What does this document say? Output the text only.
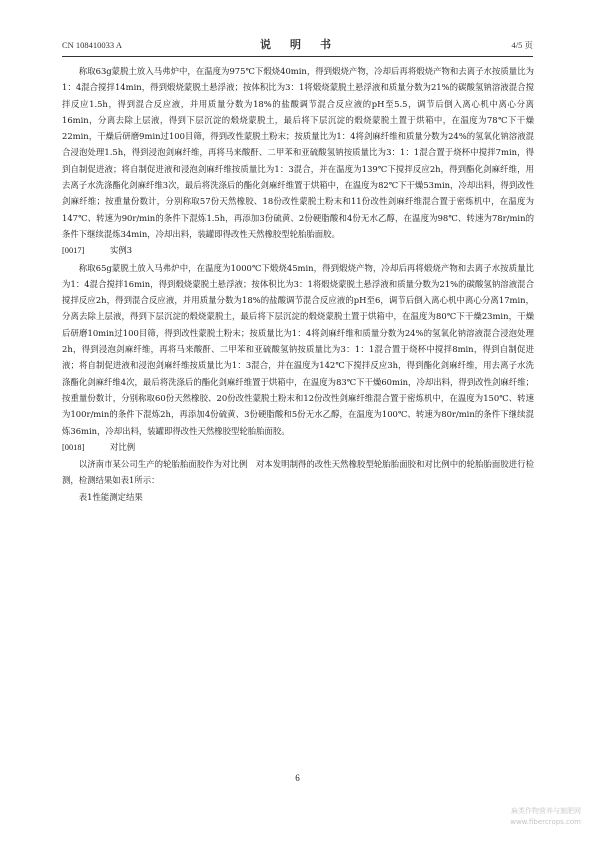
CN 108410033 A	说　明　书	4/5 页

称取63g蒙脱土放入马弗炉中，在温度为975℃下煅烧40min，得到煅烧产物，冷却后再将煅烧产物和去离子水按质量比为1：4混合搅拌14min，得到煅烧蒙脱土悬浮液；按体积比为3：1将煅烧蒙脱土悬浮液和质量分数为21%的碳酸氢钠溶液混合搅拌反应1.5h，得到混合反应液，并用质量分数为18%的盐酸调节混合反应液的pH至5.5，调节后倒入离心机中离心分离16min，分离去除上层液，得到下层沉淀的煅烧蒙脱土，最后将下层沉淀的煅烧蒙脱土置于烘箱中，在温度为78℃下干燥22min，干燥后研磨9min过100目筛，得到改性蒙脱土粉末；按质量比为1：4将剑麻纤维和质量分数为24%的氢氧化钠溶液混合浸泡处理1.5h，得到浸泡剑麻纤维，再将马来酸酐、二甲苯和亚硫酸氢钠按质量比为3：1：1混合置于烧杯中搅拌7min，得到自制促进液；将自制促进液和浸泡剑麻纤维按质量比为1：3混合，并在温度为139℃下搅拌反应2h，得到酯化剑麻纤维，用去离子水洗涤酯化剑麻纤维3次，最后将洗涤后的酯化剑麻纤维置于烘箱中，在温度为82℃下干燥53min，冷却出料，得到改性剑麻纤维；按重量份数计，分别称取57份天然橡胶、18份改性蒙脱土粉末和11份改性剑麻纤维混合置于密炼机中，在温度为147℃、转速为90r/min的条件下混炼1.5h，再添加3份硫黄、2份硬脂酸和4份无水乙醇，在温度为98℃、转速为78r/min的条件下继续混炼34min，冷却出料，装罐即得改性天然橡胶型轮胎胎面胶。

[0017]	实例3

称取65g蒙脱土放入马弗炉中，在温度为1000℃下煅烧45min，得到煅烧产物，冷却后再将煅烧产物和去离子水按质量比为1：4混合搅拌16min，得到煅烧蒙脱土悬浮液；按体积比为3：1将煅烧蒙脱土悬浮液和质量分数为21%的碳酸氢钠溶液混合搅拌反应2h，得到混合反应液，并用质量分数为18%的盐酸调节混合反应液的pH至6，调节后倒入离心机中离心分离17min，分离去除上层液，得到下层沉淀的煅烧蒙脱土，最后将下层沉淀的煅烧蒙脱土置于烘箱中，在温度为80℃下干燥23min，干燥后研磨10min过100目筛，得到改性蒙脱土粉末；按质量比为1：4将剑麻纤维和质量分数为24%的氢氧化钠溶液混合浸泡处理2h，得到浸泡剑麻纤维，再将马来酸酐、二甲苯和亚硫酸氢钠按质量比为3：1：1混合置于烧杯中搅拌8min，得到自制促进液；将自制促进液和浸泡剑麻纤维按质量比为1：3混合，并在温度为142℃下搅拌反应3h，得到酯化剑麻纤维，用去离子水洗涤酯化剑麻纤维4次，最后将洗涤后的酯化剑麻纤维置于烘箱中，在温度为83℃下干燥60min，冷却出料，得到改性剑麻纤维；按重量份数计，分别称取60份天然橡胶、20份改性蒙脱土粉末和12份改性剑麻纤维混合置于密炼机中，在温度为150℃、转速为100r/min的条件下混炼2h，再添加4份硫黄、3份硬脂酸和5份无水乙醇，在温度为100℃、转速为80r/min的条件下继续混炼36min，冷却出料，装罐即得改性天然橡胶型轮胎胎面胶。

[0018]	对比例

以济南市某公司生产的轮胎胎面胶作为对比例　对本发明制得的改性天然橡胶型轮胎胎面胶和对比例中的轮胎胎面胶进行检测，检测结果如表1所示：

表1性能测定结果

6
麻类作物营养与施肥网
www.fibercrops.com
